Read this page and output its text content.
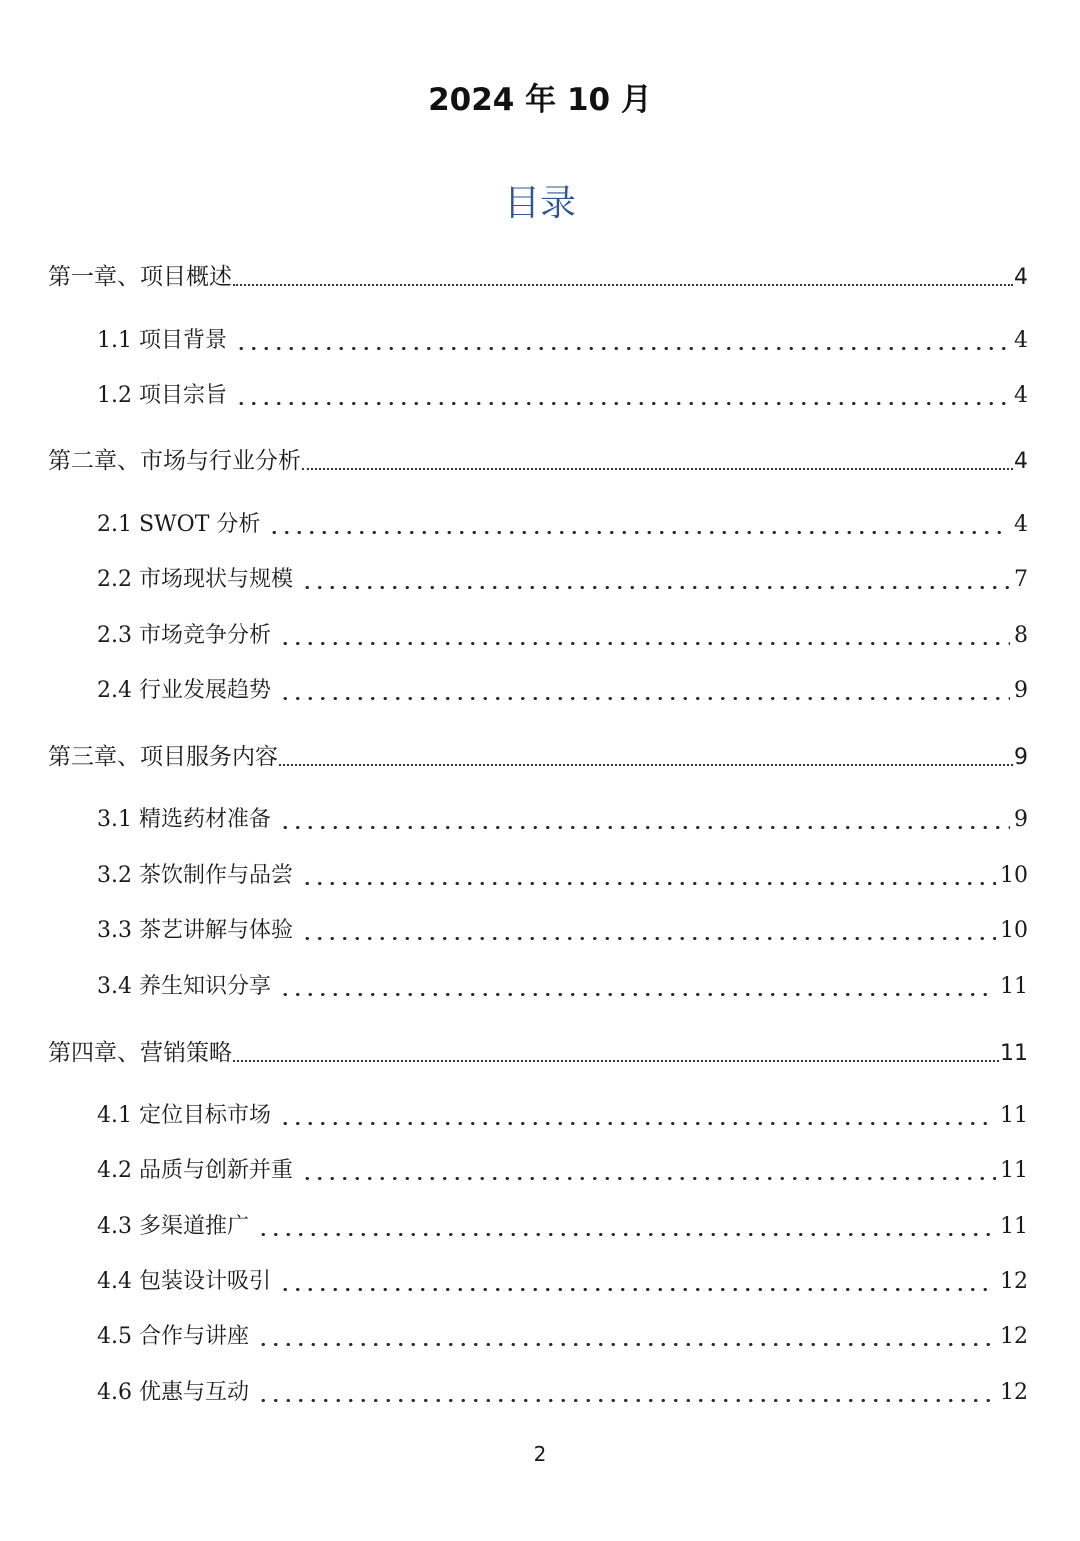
2024 年 10 月
目录
第一章、项目概述	4
1.1 项目背景	4
1.2 项目宗旨	4
第二章、市场与行业分析	4
2.1 SWOT 分析	4
2.2 市场现状与规模	7
2.3 市场竞争分析	8
2.4 行业发展趋势	9
第三章、项目服务内容	9
3.1 精选药材准备	9
3.2 茶饮制作与品尝	10
3.3 茶艺讲解与体验	10
3.4 养生知识分享	11
第四章、营销策略	11
4.1 定位目标市场	11
4.2 品质与创新并重	11
4.3 多渠道推广	11
4.4 包装设计吸引	12
4.5 合作与讲座	12
4.6 优惠与互动	12
2
